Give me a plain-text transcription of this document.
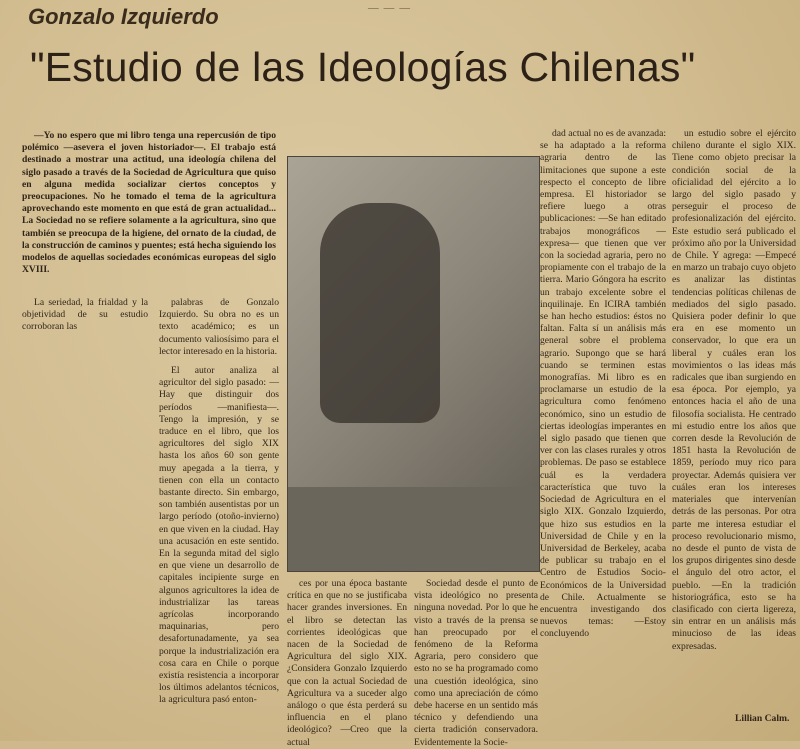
— — —
Gonzalo Izquierdo
"Estudio de las Ideologías Chilenas"

—Yo no espero que mi libro tenga una repercusión de tipo polémico —asevera el joven historiador—. El trabajo está destinado a mostrar una actitud, una ideología chilena del siglo pasado a través de la Sociedad de Agricultura que quiso en alguna medida socializar ciertos conceptos y preocupaciones. No he tomado el tema de la agricultura aprovechando este momento en que está de gran actualidad... La Sociedad no se refiere solamente a la agricultura, sino que también se preocupa de la higiene, del ornato de la ciudad, de la construcción de caminos y puentes; está hecha siguiendo los modelos de aquellas sociedades económicas europeas del siglo XVIII.

La seriedad, la frialdad y la objetividad de su estudio corroboran las

palabras de Gonzalo Izquierdo. Su obra no es un texto académico; es un documento valiosísimo para el lector interesado en la historia.

El autor analiza al agricultor del siglo pasado: —Hay que distinguir dos períodos —manifiesta—. Tengo la impresión, y se traduce en el libro, que los agricultores del siglo XIX hasta los años 60 son gente muy apegada a la tierra, y tienen con ella un contacto bastante directo. Sin embargo, son también ausentistas por un largo período (otoño-invierno) en que viven en la ciudad. Hay una acusación en este sentido. En la segunda mitad del siglo en que viene un desarrollo de capitales incipiente surge en algunos agricultores la idea de industrializar las tareas agrícolas incorporando maquinarias, pero desafortunadamente, ya sea porque la industrialización era cosa cara en Chile o porque existía resistencia a incorporar los últimos adelantos técnicos, la agricultura pasó enton-

ces por una época bastante crítica en que no se justificaba hacer grandes inversiones. En el libro se detectan las corrientes ideológicas que nacen de la Sociedad de Agricultura del siglo XIX. ¿Considera Gonzalo Izquierdo que con la actual Sociedad de Agricultura va a suceder algo análogo o que ésta perderá su influencia en el plano ideológico? —Creo que la actual

Sociedad desde el punto de vista ideológico no presenta ninguna novedad. Por lo que he visto a través de la prensa se han preocupado por el fenómeno de la Reforma Agraria, pero considero que esto no se ha programado como una cuestión ideológica, sino como una apreciación de cómo debe hacerse en un sentido más técnico y defendiendo una cierta tradición conservadora. Evidentemente la Socie-

dad actual no es de avanzada: se ha adaptado a la reforma agraria dentro de las limitaciones que supone a este respecto el concepto de libre empresa. El historiador se refiere luego a otras publicaciones: —Se han editado trabajos monográficos —expresa— que tienen que ver con la sociedad agraria, pero no propiamente con el trabajo de la tierra. Mario Góngora ha escrito un trabajo excelente sobre el inquilinaje. En ICIRA también se han hecho estudios: éstos no faltan. Falta sí un análisis más general sobre el problema agrario. Supongo que se hará cuando se terminen estas monografías. Mi libro es en proclamarse un estudio de la agricultura como fenómeno económico, sino un estudio de ciertas ideologías imperantes en el siglo pasado que tienen que ver con las clases rurales y otros problemas. De paso se establece cuál es la verdadera característica que tuvo la Sociedad de Agricultura en el siglo XIX. Gonzalo Izquierdo, que hizo sus estudios en la Universidad de Chile y en la Universidad de Berkeley, acaba de publicar su trabajo en el Centro de Estudios Socio-Económicos de la Universidad de Chile. Actualmente se encuentra investigando dos nuevos temas: —Estoy concluyendo

un estudio sobre el ejército chileno durante el siglo XIX. Tiene como objeto precisar la condición social de la oficialidad del ejército a lo largo del siglo pasado y perseguir el proceso de profesionalización del ejército. Este estudio será publicado el próximo año por la Universidad de Chile. Y agrega: —Empecé en marzo un trabajo cuyo objeto es analizar las distintas tendencias políticas chilenas de mediados del siglo pasado. Quisiera poder definir lo que era en ese momento un conservador, lo que era un liberal y cuáles eran los movimientos o las ideas más radicales que iban surgiendo en esa época. Por ejemplo, ya entonces hacia el año de una filosofía socialista. He centrado mi estudio entre los años que corren desde la Revolución de 1851 hasta la Revolución de 1859, período muy rico para proyectar. Además quisiera ver cuáles eran los intereses materiales que intervenían detrás de las personas. Por otra parte me interesa estudiar el proceso revolucionario mismo, no desde el punto de vista de los grupos dirigentes sino desde el ángulo del otro actor, el pueblo. —En la tradición historiográfica, esto se ha clasificado con cierta ligereza, sin entrar en un análisis más minucioso de las ideas expresadas.

Lillian Calm.
